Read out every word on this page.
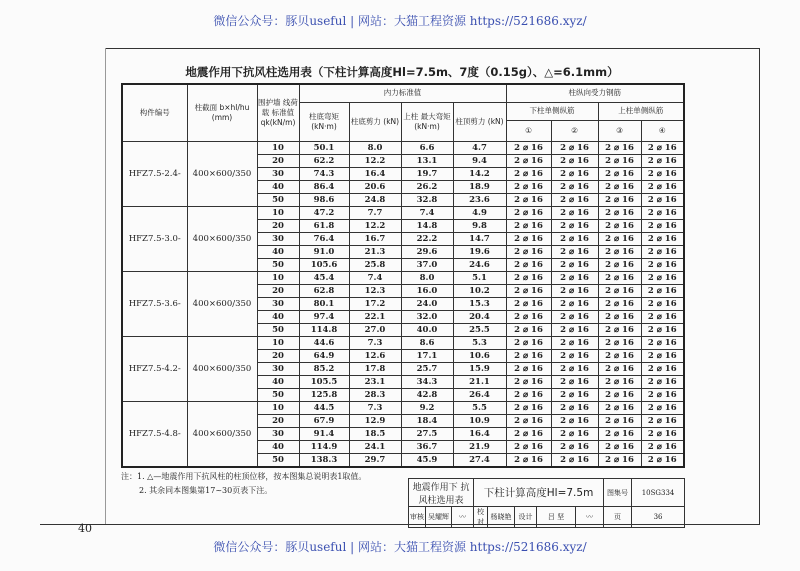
微信公众号：豚贝useful | 网站：大猫工程资源 https://521686.xyz/
地震作用下抗风柱选用表（下柱计算高度Hl=7.5m、7度（0.15g）、△=6.1mm）
构件编号	柱截面 b×hl/hu (mm)	围护墙 线荷载 标准值 qk(kN/m)	内力标准值				柱纵向受力钢筋			
			柱底弯矩 (kN·m)	柱底剪力 (kN)	上柱 最大弯矩 (kN·m)	柱顶剪力 (kN)	下柱单侧纵筋		上柱单侧纵筋	
							①	②	③	④
HFZ7.5-2.4-	400×600/350	10	50.1	8.0	6.6	4.7	2 ⌀ 16	2 ⌀ 16	2 ⌀ 16	2 ⌀ 16
		20	62.2	12.2	13.1	9.4	2 ⌀ 16	2 ⌀ 16	2 ⌀ 16	2 ⌀ 16
		30	74.3	16.4	19.7	14.2	2 ⌀ 16	2 ⌀ 16	2 ⌀ 16	2 ⌀ 16
		40	86.4	20.6	26.2	18.9	2 ⌀ 16	2 ⌀ 16	2 ⌀ 16	2 ⌀ 16
		50	98.6	24.8	32.8	23.6	2 ⌀ 16	2 ⌀ 16	2 ⌀ 16	2 ⌀ 16
HFZ7.5-3.0-	400×600/350	10	47.2	7.7	7.4	4.9	2 ⌀ 16	2 ⌀ 16	2 ⌀ 16	2 ⌀ 16
		20	61.8	12.2	14.8	9.8	2 ⌀ 16	2 ⌀ 16	2 ⌀ 16	2 ⌀ 16
		30	76.4	16.7	22.2	14.7	2 ⌀ 16	2 ⌀ 16	2 ⌀ 16	2 ⌀ 16
		40	91.0	21.3	29.6	19.6	2 ⌀ 16	2 ⌀ 16	2 ⌀ 16	2 ⌀ 16
		50	105.6	25.8	37.0	24.6	2 ⌀ 16	2 ⌀ 16	2 ⌀ 16	2 ⌀ 16
HFZ7.5-3.6-	400×600/350	10	45.4	7.4	8.0	5.1	2 ⌀ 16	2 ⌀ 16	2 ⌀ 16	2 ⌀ 16
		20	62.8	12.3	16.0	10.2	2 ⌀ 16	2 ⌀ 16	2 ⌀ 16	2 ⌀ 16
		30	80.1	17.2	24.0	15.3	2 ⌀ 16	2 ⌀ 16	2 ⌀ 16	2 ⌀ 16
		40	97.4	22.1	32.0	20.4	2 ⌀ 16	2 ⌀ 16	2 ⌀ 16	2 ⌀ 16
		50	114.8	27.0	40.0	25.5	2 ⌀ 16	2 ⌀ 16	2 ⌀ 16	2 ⌀ 16
HFZ7.5-4.2-	400×600/350	10	44.6	7.3	8.6	5.3	2 ⌀ 16	2 ⌀ 16	2 ⌀ 16	2 ⌀ 16
		20	64.9	12.6	17.1	10.6	2 ⌀ 16	2 ⌀ 16	2 ⌀ 16	2 ⌀ 16
		30	85.2	17.8	25.7	15.9	2 ⌀ 16	2 ⌀ 16	2 ⌀ 16	2 ⌀ 16
		40	105.5	23.1	34.3	21.1	2 ⌀ 16	2 ⌀ 16	2 ⌀ 16	2 ⌀ 16
		50	125.8	28.3	42.8	26.4	2 ⌀ 16	2 ⌀ 16	2 ⌀ 16	2 ⌀ 16
HFZ7.5-4.8-	400×600/350	10	44.5	7.3	9.2	5.5	2 ⌀ 16	2 ⌀ 16	2 ⌀ 16	2 ⌀ 16
		20	67.9	12.9	18.4	10.9	2 ⌀ 16	2 ⌀ 16	2 ⌀ 16	2 ⌀ 16
		30	91.4	18.5	27.5	16.4	2 ⌀ 16	2 ⌀ 16	2 ⌀ 16	2 ⌀ 16
		40	114.9	24.1	36.7	21.9	2 ⌀ 16	2 ⌀ 16	2 ⌀ 16	2 ⌀ 16
		50	138.3	29.7	45.9	27.4	2 ⌀ 16	2 ⌀ 16	2 ⌀ 16	2 ⌀ 16
注：1. △—地震作用下抗风柱的柱顶位移，按本图集总说明表1取值。
2. 其余同本图集第17~30页表下注。	地震作用下 抗风柱选用表			下柱计算高度Hl=7.5m					图集号	10SG334
审核	吴耀辉	〰	校对	杨晓艳	设计	吕 坚	〰	页	36
40
微信公众号：豚贝useful | 网站：大猫工程资源 https://521686.xyz/
